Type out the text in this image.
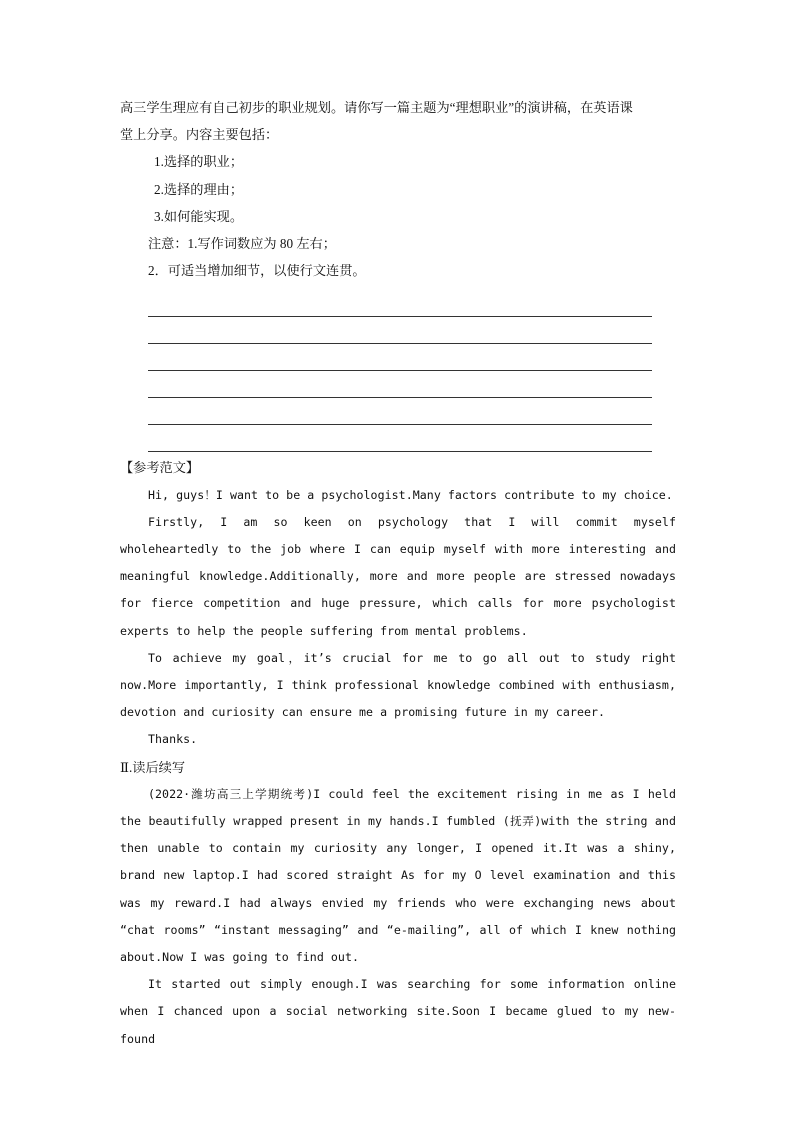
高三学生理应有自己初步的职业规划。请你写一篇主题为“理想职业”的演讲稿，在英语课

堂上分享。内容主要包括：

1.选择的职业；

2.选择的理由；

3.如何能实现。

注意：1.写作词数应为 80 左右；

2．可适当增加细节，以使行文连贯。

【参考范文】

Hi, guys！I want to be a psychologist.Many factors contribute to my choice.

Firstly, I am so keen on psychology that I will commit myself wholeheartedly to the job where I can equip myself with more interesting and meaningful knowledge.Additionally, more and more people are stressed nowadays for fierce competition and huge pressure, which calls for more psychologist experts to help the people suffering from mental problems.

To achieve my goal，it’s crucial for me to go all out to study right now.More importantly, I think professional knowledge combined with enthusiasm, devotion and curiosity can ensure me a promising future in my career.

Thanks.

Ⅱ.读后续写

(2022·潍坊高三上学期统考)I could feel the excitement rising in me as I held the beautifully wrapped present in my hands.I fumbled (抚弄)with the string and then unable to contain my curiosity any longer, I opened it.It was a shiny, brand new laptop.I had scored straight As for my O level examination and this was my reward.I had always envied my friends who were exchanging news about “chat rooms” “instant messaging” and “e-mailing”, all of which I knew nothing about.Now I was going to find out.

It started out simply enough.I was searching for some information online when I chanced upon a social networking site.Soon I became glued to my new-found
